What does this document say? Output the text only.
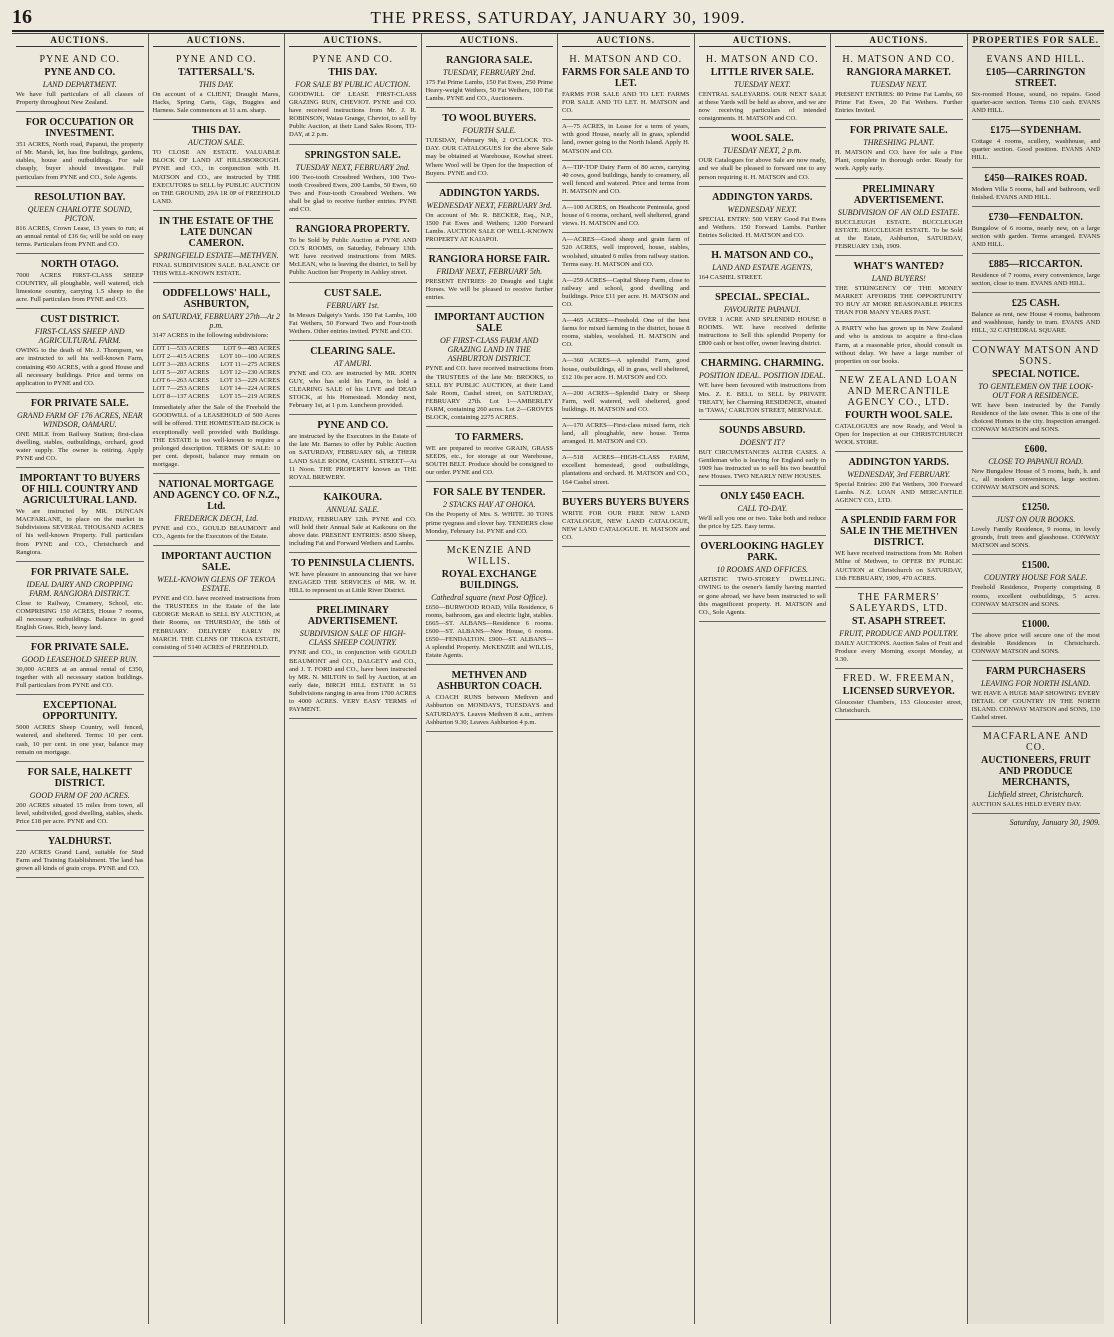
16	THE PRESS, SATURDAY, JANUARY 30, 1909.
AUCTIONS.
PYNE AND CO.
PYNE AND CO.
LAND DEPARTMENT.

We have full particulars of all classes of Property throughout New Zealand.

FOR OCCUPATION OR INVESTMENT.

351 ACRES, North road, Papanui, the property of Mr. Marsh, let, has fine buildings, gardens, stables, house and outbuildings. For sale cheaply, buyer should investigate. Full particulars from PYNE and CO., Sole Agents.

RESOLUTION BAY.
QUEEN CHARLOTTE SOUND, PICTON.

816 ACRES, Crown Lease, 13 years to run; at an annual rental of £16 6s; will be sold on easy terms. Particulars from PYNE and CO.

NORTH OTAGO.

7000 ACRES FIRST-CLASS SHEEP COUNTRY, all ploughable, well watered, rich limestone country, carrying 1.5 sheep to the acre. Full particulars from PYNE and CO.

CUST DISTRICT.
FIRST-CLASS SHEEP AND AGRICULTURAL FARM.

OWING to the death of Mr. J. Thompson, we are instructed to sell his well-known Farm, containing 450 ACRES, with a good House and all necessary buildings. Price and terms on application to PYNE and CO.

FOR PRIVATE SALE.
GRAND FARM OF 176 ACRES, NEAR WINDSOR, OAMARU.

ONE MILE from Railway Station; first-class dwelling, stables, outbuildings, orchard, good water supply. The owner is retiring. Apply PYNE and CO.

IMPORTANT TO BUYERS OF HILL COUNTRY AND AGRICULTURAL LAND.

We are instructed by MR. DUNCAN MACFARLANE, to place on the market in Subdivisions SEVERAL THOUSAND ACRES of his well-known Property. Full particulars from PYNE and CO., Christchurch and Rangiora.

FOR PRIVATE SALE.
IDEAL DAIRY AND CROPPING FARM. RANGIORA DISTRICT.

Close to Railway, Creamery, School, etc. COMPRISING 150 ACRES, House 7 rooms, all necessary outbuildings. Balance in good English Grass. Rich, heavy land.

FOR PRIVATE SALE.
GOOD LEASEHOLD SHEEP RUN.

30,000 ACRES at an annual rental of £350, together with all necessary station buildings. Full particulars from PYNE and CO.

EXCEPTIONAL OPPORTUNITY.

5000 ACRES Sheep Country, well fenced, watered, and sheltered. Terms: 10 per cent. cash, 10 per cent. in one year, balance may remain on mortgage.

FOR SALE, HALKETT DISTRICT.
GOOD FARM OF 200 ACRES.

200 ACRES situated 15 miles from town, all level, subdivided, good dwelling, stables, sheds. Price £18 per acre. PYNE and CO.

YALDHURST.

220 ACRES Grand Land, suitable for Stud Farm and Training Establishment. The land has grown all kinds of grain crops. PYNE and CO.

AUCTIONS.
PYNE AND CO.
TATTERSALL'S.
THIS DAY.

On account of a CLIENT, Draught Mares, Hacks, Spring Carts, Gigs, Buggies and Harness. Sale commences at 11 a.m. sharp.

THIS DAY.
AUCTION SALE.

TO CLOSE AN ESTATE. VALUABLE BLOCK OF LAND AT HILLSBOROUGH. PYNE and CO., in conjunction with H. MATSON and CO., are instructed by THE EXECUTORS to SELL by PUBLIC AUCTION on THE GROUND, 29A 1R 0P of FREEHOLD LAND.

IN THE ESTATE OF THE LATE DUNCAN CAMERON.
SPRINGFIELD ESTATE—METHVEN.

FINAL SUBDIVISION SALE. BALANCE OF THIS WELL-KNOWN ESTATE.

ODDFELLOWS' HALL, ASHBURTON,
on SATURDAY, FEBRUARY 27th—At 2 p.m.

3147 ACRES in the following subdivisions:

LOT 1—533 ACRES LOT 9—483 ACRES
LOT 2—415 ACRES LOT 10—100 ACRES
LOT 3—283 ACRES LOT 11—275 ACRES
LOT 5—207 ACRES LOT 12—230 ACRES
LOT 6—263 ACRES LOT 13—229 ACRES
LOT 7—253 ACRES LOT 14—224 ACRES
LOT 8—137 ACRES LOT 15—219 ACRES

Immediately after the Sale of the Freehold the GOODWILL of a LEASEHOLD of 500 Acres will be offered. THE HOMESTEAD BLOCK is exceptionally well provided with Buildings. THE ESTATE is too well-known to require a prolonged description. TERMS OF SALE: 10 per cent. deposit, balance may remain on mortgage.

NATIONAL MORTGAGE AND AGENCY CO. OF N.Z., Ltd.
FREDERICK DECH, Ltd.

PYNE and CO., GOULD BEAUMONT and CO., Agents for the Executors of the Estate.

IMPORTANT AUCTION SALE.
WELL-KNOWN GLENS OF TEKOA ESTATE.

PYNE and CO. have received instructions from the TRUSTEES in the Estate of the late GEORGE McRAE to SELL BY AUCTION, at their Rooms, on THURSDAY, the 18th of FEBRUARY. DELIVERY EARLY IN MARCH. THE CLENS OF TEKOA ESTATE, consisting of 5140 ACRES of FREEHOLD.

AUCTIONS.
PYNE AND CO.
THIS DAY.
FOR SALE BY PUBLIC AUCTION.

GOODWILL OF LEASE FIRST-CLASS GRAZING RUN, CHEVIOT. PYNE and CO. have received instructions from Mr. J. R. ROBINSON, Waiau Grange, Cheviot, to sell by Public Auction, at their Land Sales Room, TO-DAY, at 2 p.m.

SPRINGSTON SALE.
TUESDAY NEXT, FEBRUARY 2nd.

100 Two-tooth Crossbred Wethers, 100 Two-tooth Crossbred Ewes, 200 Lambs, 50 Ewes, 60 Two and Four-tooth Crossbred Wethers. We shall be glad to receive further entries. PYNE and CO.

RANGIORA PROPERTY.

To be Sold by Public Auction at PYNE AND CO.'S ROOMS, on Saturday, February 13th. WE have received instructions from MRS. McLEAN, who is leaving the district, to Sell by Public Auction her Property in Ashley street.

CUST SALE.
FEBRUARY 1st.

In Messrs Dalgety's Yards. 150 Fat Lambs, 100 Fat Wethers, 50 Forward Two and Four-tooth Wethers. Other entries invited. PYNE and CO.

CLEARING SALE.
AT AMURI.

PYNE and CO. are instructed by MR. JOHN GUY, who has sold his Farm, to hold a CLEARING SALE of his LIVE and DEAD STOCK, at his Homestead. Monday next, February 1st, at 1 p.m. Luncheon provided.

PYNE AND CO.

are instructed by the Executors in the Estate of the late Mr. Barnes to offer by Public Auction on SATURDAY, FEBRUARY 6th, at THEIR LAND SALE ROOM, CASHEL STREET—At 11 Noon. THE PROPERTY known as THE ROYAL BREWERY.

KAIKOURA.
ANNUAL SALE.

FRIDAY, FEBRUARY 12th. PYNE and CO. will hold their Annual Sale at Kaikoura on the above date. PRESENT ENTRIES: 8500 Sheep, including Fat and Forward Wethers and Lambs.

TO PENINSULA CLIENTS.

WE have pleasure in announcing that we have ENGAGED THE SERVICES of MR. W. H. HILL to represent us at Little River District.

PRELIMINARY ADVERTISEMENT.
SUBDIVISION SALE OF HIGH-CLASS SHEEP COUNTRY.

PYNE and CO., in conjunction with GOULD BEAUMONT and CO., DALGETY and CO., and J. T. FORD and CO., have been instructed by MR. N. MILTON to Sell by Auction, at an early date, BIRCH HILL ESTATE in 51 Subdivisions ranging in area from 1700 ACRES to 4000 ACRES. VERY EASY TERMS of PAYMENT.

AUCTIONS.
RANGIORA SALE.
TUESDAY, FEBRUARY 2nd.

175 Fat Prime Lambs, 150 Fat Ewes, 250 Prime Heavy-weight Wethers, 50 Fat Wethers, 100 Fat Lambs. PYNE and CO., Auctioneers.

TO WOOL BUYERS.
FOURTH SALE.

TUESDAY, February 9th, 2 O'CLOCK TO-DAY. OUR CATALOGUES for the above Sale may be obtained at Warehouse, Kowhai street. Where Wool will be Open for the Inspection of Buyers. PYNE and CO.

ADDINGTON YARDS.
WEDNESDAY NEXT, FEBRUARY 3rd.

On account of Mr. R. BECKER, Esq., N.P., 1500 Fat Ewes and Wethers; 1200 Forward Lambs. AUCTION SALE OF WELL-KNOWN PROPERTY AT KAIAPOI.

RANGIORA HORSE FAIR.
FRIDAY NEXT, FEBRUARY 5th.

PRESENT ENTRIES: 20 Draught and Light Horses. We will be pleased to receive further entries.

IMPORTANT AUCTION SALE
OF FIRST-CLASS FARM AND GRAZING LAND IN THE ASHBURTON DISTRICT.

PYNE and CO. have received instructions from the TRUSTEES of the late Mr. BROOKS, to SELL BY PUBLIC AUCTION, at their Land Sale Room, Cashel street, on SATURDAY, FEBRUARY 27th. Lot 1—AMBERLEY FARM, containing 260 acres. Lot 2—GROVES BLOCK, containing 2275 ACRES.

TO FARMERS.

WE are prepared to receive GRAIN, GRASS SEEDS, etc., for storage at our Warehouse, SOUTH BELT. Produce should be consigned to our order. PYNE and CO.

FOR SALE BY TENDER.
2 STACKS HAY AT OHOKA.

On the Property of Mrs. S. WHITE. 30 TONS prime ryegrass and clover hay. TENDERS close Monday, February 1st. PYNE and CO.

McKENZIE AND WILLIS.
ROYAL EXCHANGE BUILDINGS.
Cathedral square (next Post Office).

£650—BURWOOD ROAD, Villa Residence, 6 rooms, bathroom, gas and electric light, stables. £665—ST. ALBANS—Residence 6 rooms. £600—ST. ALBANS—New House, 6 rooms. £650—FENDALTON. £900—ST. ALBANS—A splendid Property. McKENZIE and WILLIS, Estate Agents.

METHVEN AND ASHBURTON COACH.

A COACH RUNS between Methven and Ashburton on MONDAYS, TUESDAYS and SATURDAYS. Leaves Methven 8 a.m., arrives Ashburton 9.30; Leaves Ashburton 4 p.m.

AUCTIONS.
H. MATSON AND CO.
FARMS FOR SALE AND TO LET.

FARMS FOR SALE AND TO LET. FARMS FOR SALE AND TO LET. H. MATSON and CO.

A—75 ACRES, in Lease for a term of years, with good House, nearly all in grass, splendid land, owner going to the North Island. Apply H. MATSON and CO.

A—TIP-TOP Dairy Farm of 80 acres, carrying 40 cows, good buildings, handy to creamery, all well fenced and watered. Price and terms from H. MATSON and CO.

A—100 ACRES, on Heathcote Peninsula, good house of 6 rooms, orchard, well sheltered, grand views. H. MATSON and CO.

A—ACRES—Good sheep and grain farm of 520 ACRES, well improved, house, stables, woolshed, situated 6 miles from railway station. Terms easy. H. MATSON and CO.

A—259 ACRES—Capital Sheep Farm, close to railway and school, good dwelling and buildings. Price £11 per acre. H. MATSON and CO.

A—465 ACRES—Freehold. One of the best farms for mixed farming in the district, house 8 rooms, stables, woolshed. H. MATSON and CO.

A—360 ACRES—A splendid Farm, good house, outbuildings, all in grass, well sheltered, £12 10s per acre. H. MATSON and CO.

A—200 ACRES—Splendid Dairy or Sheep Farm, well watered, well sheltered, good buildings. H. MATSON and CO.

A—170 ACRES—First-class mixed farm, rich land, all ploughable, new house. Terms arranged. H. MATSON and CO.

A—518 ACRES—HIGH-CLASS FARM, excellent homestead, good outbuildings, plantations and orchard. H. MATSON and CO., 164 Cashel street.

BUYERS BUYERS BUYERS

WRITE FOR OUR FREE NEW LAND CATALOGUE, NEW LAND CATALOGUE, NEW LAND CATALOGUE. H. MATSON and CO.

AUCTIONS.
H. MATSON AND CO.
LITTLE RIVER SALE.
TUESDAY NEXT.

CENTRAL SALEYARDS. OUR NEXT SALE at these Yards will be held as above, and we are now receiving particulars of intended consignments. H. MATSON and CO.

WOOL SALE.
TUESDAY NEXT, 2 p.m.

OUR Catalogues for above Sale are now ready, and we shall be pleased to forward one to any person requiring it. H. MATSON and CO.

ADDINGTON YARDS.
WEDNESDAY NEXT.

SPECIAL ENTRY: 500 VERY Good Fat Ewes and Wethers. 150 Forward Lambs. Further Entries Solicited. H. MATSON and CO.

H. MATSON AND CO.,
LAND AND ESTATE AGENTS,

164 CASHEL STREET.

SPECIAL. SPECIAL.
FAVOURITE PAPANUI.

OVER 1 ACRE AND SPLENDID HOUSE 8 ROOMS. WE have received definite instructions to Sell this splendid Property for £800 cash or best offer, owner leaving district.

CHARMING. CHARMING.
POSITION IDEAL. POSITION IDEAL.

WE have been favoured with instructions from Mrs. Z. E. BELL to SELL by PRIVATE TREATY, her Charming RESIDENCE, situated in 'TAWA,' CARLTON STREET, MERIVALE.

SOUNDS ABSURD.
DOESN'T IT?

BUT CIRCUMSTANCES ALTER CASES. A Gentleman who is leaving for England early in 1909 has instructed us to sell his two beautiful new Houses. TWO NEARLY NEW HOUSES.

ONLY £450 EACH.
CALL TO-DAY.

We'll sell you one or two. Take both and reduce the price by £25. Easy terms.

OVERLOOKING HAGLEY PARK.
10 ROOMS AND OFFICES.

ARTISTIC TWO-STOREY DWELLING. OWING to the owner's family having married or gone abroad, we have been instructed to sell this magnificent property. H. MATSON and CO., Sole Agents.

AUCTIONS.
H. MATSON AND CO.
RANGIORA MARKET.
TUESDAY NEXT.

PRESENT ENTRIES: 80 Prime Fat Lambs, 60 Prime Fat Ewes, 20 Fat Wethers. Further Entries Invited.

FOR PRIVATE SALE.
THRESHING PLANT.

H. MATSON and CO. have for sale a Fine Plant, complete in thorough order. Ready for work. Apply early.

PRELIMINARY ADVERTISEMENT.
SUBDIVISION OF AN OLD ESTATE.

BUCCLEUGH ESTATE. BUCCLEUGH ESTATE. BUCCLEUGH ESTATE. To be Sold at the Estate, Ashburton, SATURDAY, FEBRUARY 13th, 1909.

WHAT'S WANTED?
LAND BUYERS!

THE STRINGENCY OF THE MONEY MARKET AFFORDS THE OPPORTUNITY TO BUY AT MORE REASONABLE PRICES THAN FOR MANY YEARS PAST.

A PARTY who has grown up in New Zealand and who is anxious to acquire a first-class Farm, at a reasonable price, should consult us without delay. We have a large number of properties on our books.

NEW ZEALAND LOAN AND MERCANTILE AGENCY CO., LTD.
FOURTH WOOL SALE.

CATALOGUES are now Ready, and Wool is Open for Inspection at our CHRISTCHURCH WOOL STORE.

ADDINGTON YARDS.
WEDNESDAY, 3rd FEBRUARY.

Special Entries: 200 Fat Wethers, 300 Forward Lambs. N.Z. LOAN AND MERCANTILE AGENCY CO., LTD.

A SPLENDID FARM FOR SALE IN THE METHVEN DISTRICT.

WE have received instructions from Mr. Robert Milne of Methven, to OFFER BY PUBLIC AUCTION at Christchurch on SATURDAY, 13th FEBRUARY, 1909, 470 ACRES.

THE FARMERS' SALEYARDS, LTD.
ST. ASAPH STREET.
FRUIT, PRODUCE AND POULTRY.

DAILY AUCTIONS. Auction Sales of Fruit and Produce every Morning except Monday, at 9.30.

FRED. W. FREEMAN,
LICENSED SURVEYOR.

Gloucester Chambers, 153 Gloucester street, Christchurch.

PROPERTIES FOR SALE.
EVANS AND HILL.
£105—CARRINGTON STREET.

Six-roomed House, sound, no repairs. Good quarter-acre section. Terms £10 cash. EVANS AND HILL.

£175—SYDENHAM.

Cottage 4 rooms, scullery, washhouse, and quarter section. Good position. EVANS AND HILL.

£450—RAIKES ROAD.

Modern Villa 5 rooms, hall and bathroom, well finished. EVANS AND HILL.

£730—FENDALTON.

Bungalow of 6 rooms, nearly new, on a large section with garden. Terms arranged. EVANS AND HILL.

£885—RICCARTON.

Residence of 7 rooms, every convenience, large section, close to tram. EVANS AND HILL.

£25 CASH.

Balance as rent, new House 4 rooms, bathroom and washhouse, handy to tram. EVANS AND HILL, 32 CATHEDRAL SQUARE.

CONWAY MATSON AND SONS.
SPECIAL NOTICE.
TO GENTLEMEN ON THE LOOK-OUT FOR A RESIDENCE.

WE have been instructed by the Family Residence of the late owner. This is one of the choicest Homes in the city. Inspection arranged. CONWAY MATSON and SONS.

£600.
CLOSE TO PAPANUI ROAD.

New Bungalow House of 5 rooms, bath, h. and c., all modern conveniences, large section. CONWAY MATSON and SONS.

£1250.
JUST ON OUR BOOKS.

Lovely Family Residence, 9 rooms, in lovely grounds, fruit trees and glasshouse. CONWAY MATSON and SONS.

£1500.
COUNTRY HOUSE FOR SALE.

Freehold Residence, Property comprising 8 rooms, excellent outbuildings, 5 acres. CONWAY MATSON and SONS.

£1000.

The above price will secure one of the most desirable Residences in Christchurch. CONWAY MATSON and SONS.

FARM PURCHASERS
LEAVING FOR NORTH ISLAND.

WE HAVE A HUGE MAP SHOWING EVERY DETAIL OF COUNTRY IN THE NORTH ISLAND. CONWAY MATSON and SONS, 130 Cashel street.

MACFARLANE AND CO.
AUCTIONEERS, FRUIT AND PRODUCE MERCHANTS,
Lichfield street, Christchurch.

AUCTION SALES HELD EVERY DAY.

Saturday, January 30, 1909.
